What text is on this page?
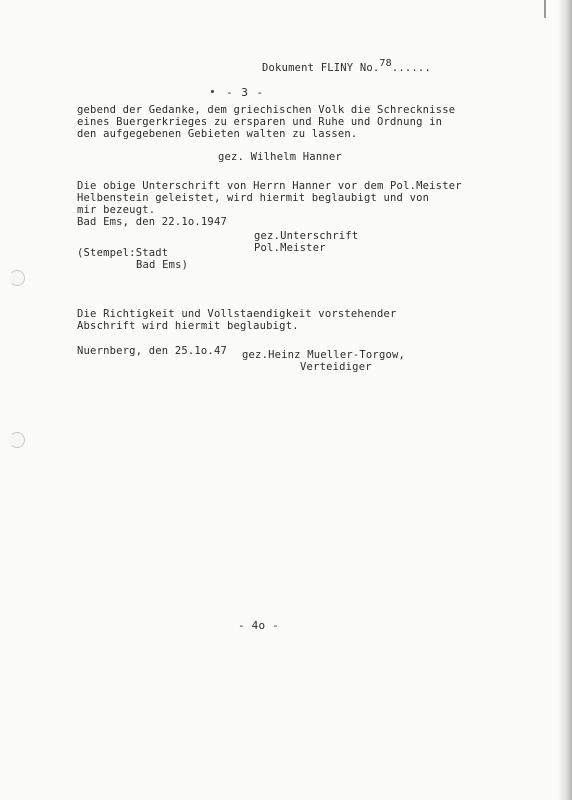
Dokument FLINY No.78......
- 3 -
gebend der Gedanke, dem griechischen Volk die Schrecknisse
eines Buergerkrieges zu ersparen und Ruhe und Ordnung in
den aufgegebenen Gebieten walten zu lassen.
gez. Wilhelm Hanner
Die obige Unterschrift von Herrn Hanner vor dem Pol.Meister
Helbenstein geleistet, wird hiermit beglaubigt und von
mir bezeugt.
Bad Ems, den 22.1o.1947
gez.Unterschrift
Pol.Meister
(Stempel:Stadt
Bad Ems)
Die Richtigkeit und Vollstaendigkeit vorstehender
Abschrift wird hiermit beglaubigt.
Nuernberg, den 25.1o.47 gez.Heinz Mueller-Torgow,
Verteidiger
- 4o -
